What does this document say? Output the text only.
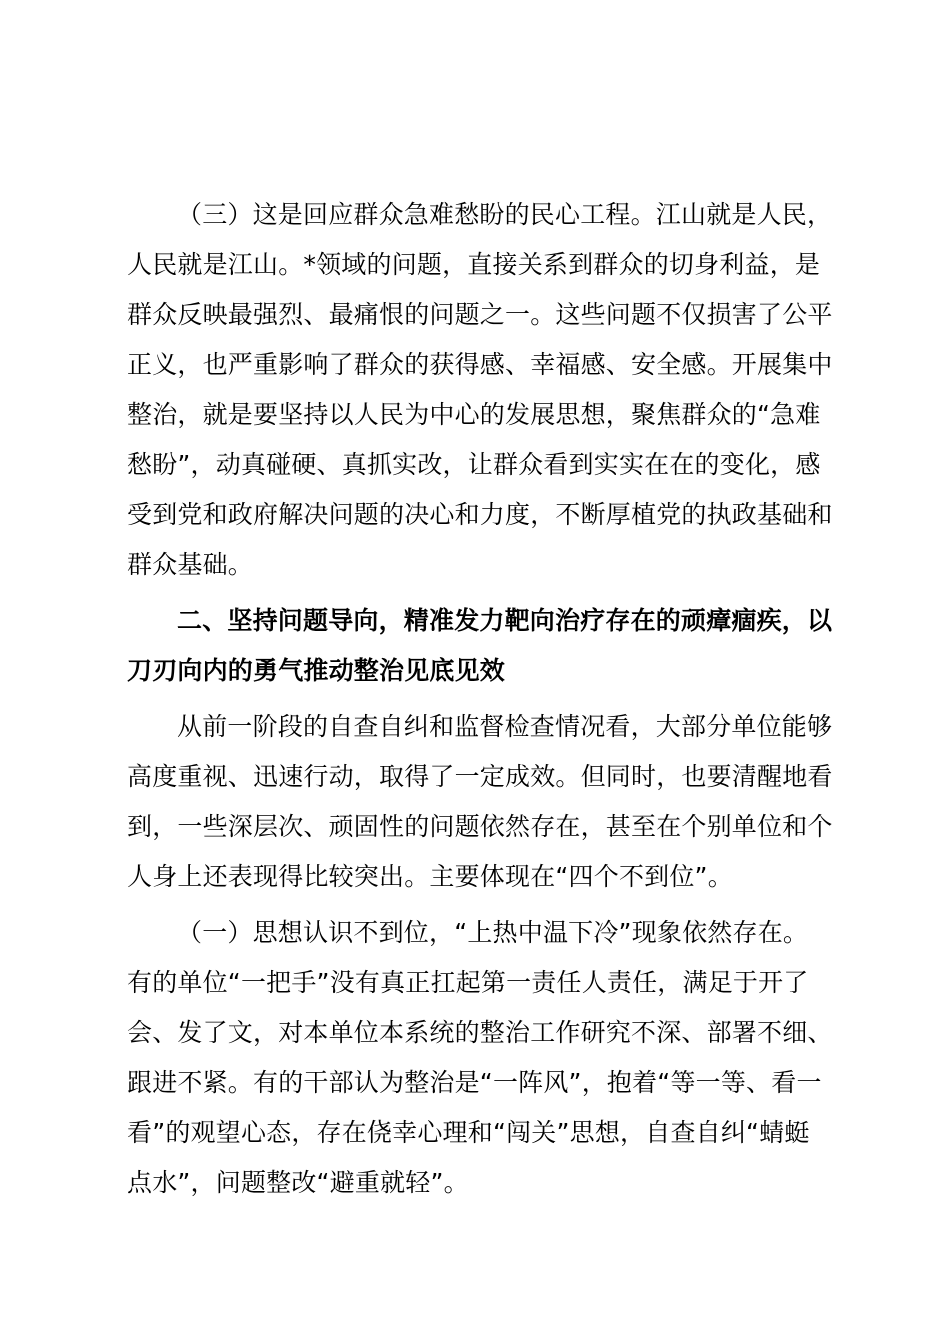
（三）这是回应群众急难愁盼的民心工程。江山就是人民，人民就是江山。*领域的问题，直接关系到群众的切身利益，是群众反映最强烈、最痛恨的问题之一。这些问题不仅损害了公平正义，也严重影响了群众的获得感、幸福感、安全感。开展集中整治，就是要坚持以人民为中心的发展思想，聚焦群众的“急难愁盼”，动真碰硬、真抓实改，让群众看到实实在在的变化，感受到党和政府解决问题的决心和力度，不断厚植党的执政基础和群众基础。

二、坚持问题导向，精准发力靶向治疗存在的顽瘴痼疾，以刀刃向内的勇气推动整治见底见效

从前一阶段的自查自纠和监督检查情况看，大部分单位能够高度重视、迅速行动，取得了一定成效。但同时，也要清醒地看到，一些深层次、顽固性的问题依然存在，甚至在个别单位和个人身上还表现得比较突出。主要体现在“四个不到位”。

（一）思想认识不到位，“上热中温下冷”现象依然存在。有的单位“一把手”没有真正扛起第一责任人责任，满足于开了会、发了文，对本单位本系统的整治工作研究不深、部署不细、跟进不紧。有的干部认为整治是“一阵风”，抱着“等一等、看一看”的观望心态，存在侥幸心理和“闯关”思想，自查自纠“蜻蜓点水”，问题整改“避重就轻”。
